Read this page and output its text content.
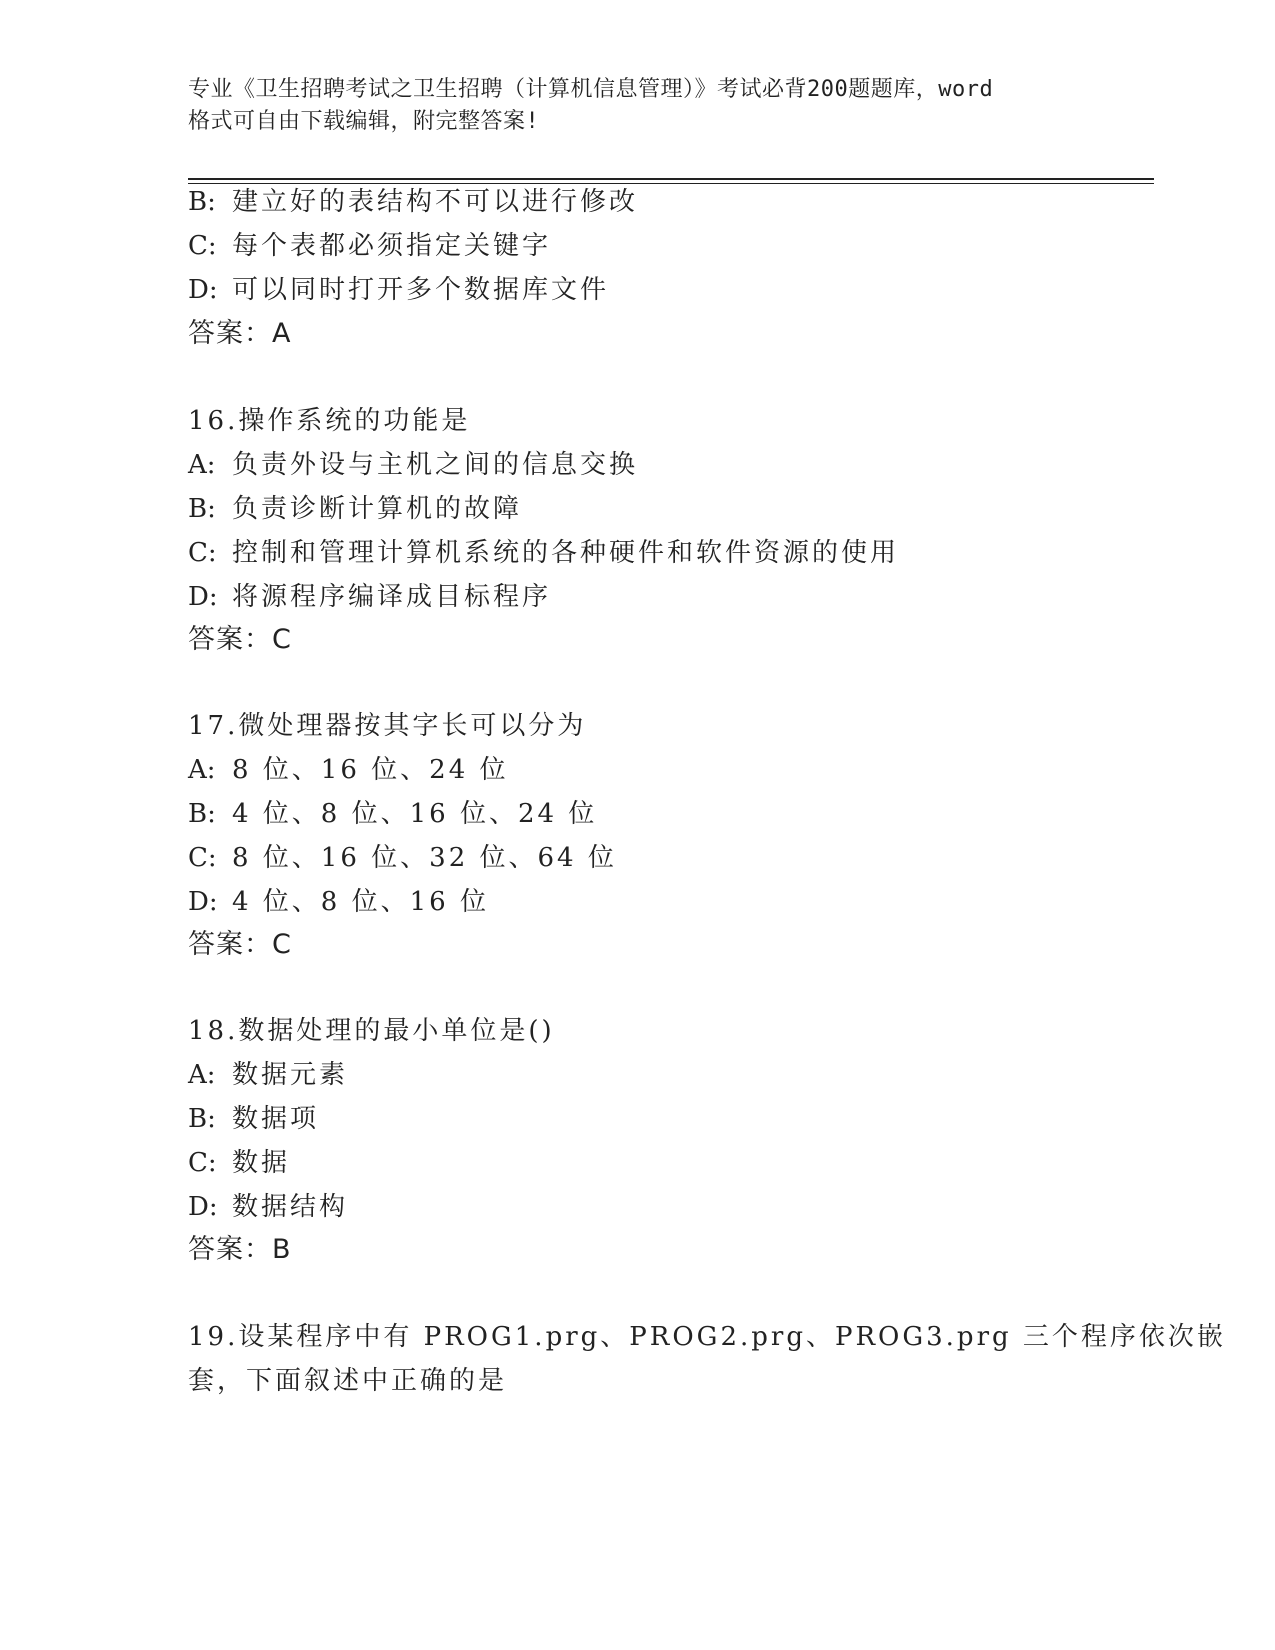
专业《卫生招聘考试之卫生招聘（计算机信息管理）》考试必背200题题库，word
格式可自由下载编辑，附完整答案!
B: 建立好的表结构不可以进行修改
C: 每个表都必须指定关键字
D: 可以同时打开多个数据库文件
答案：A
16.操作系统的功能是
A: 负责外设与主机之间的信息交换
B: 负责诊断计算机的故障
C: 控制和管理计算机系统的各种硬件和软件资源的使用
D: 将源程序编译成目标程序
答案：C
17.微处理器按其字长可以分为
A: 8 位、16 位、24 位
B: 4 位、8 位、16 位、24 位
C: 8 位、16 位、32 位、64 位
D: 4 位、8 位、16 位
答案：C
18.数据处理的最小单位是()
A: 数据元素
B: 数据项
C: 数据
D: 数据结构
答案：B
19.设某程序中有 PROG1.prg、PROG2.prg、PROG3.prg 三个程序依次嵌
套，下面叙述中正确的是
